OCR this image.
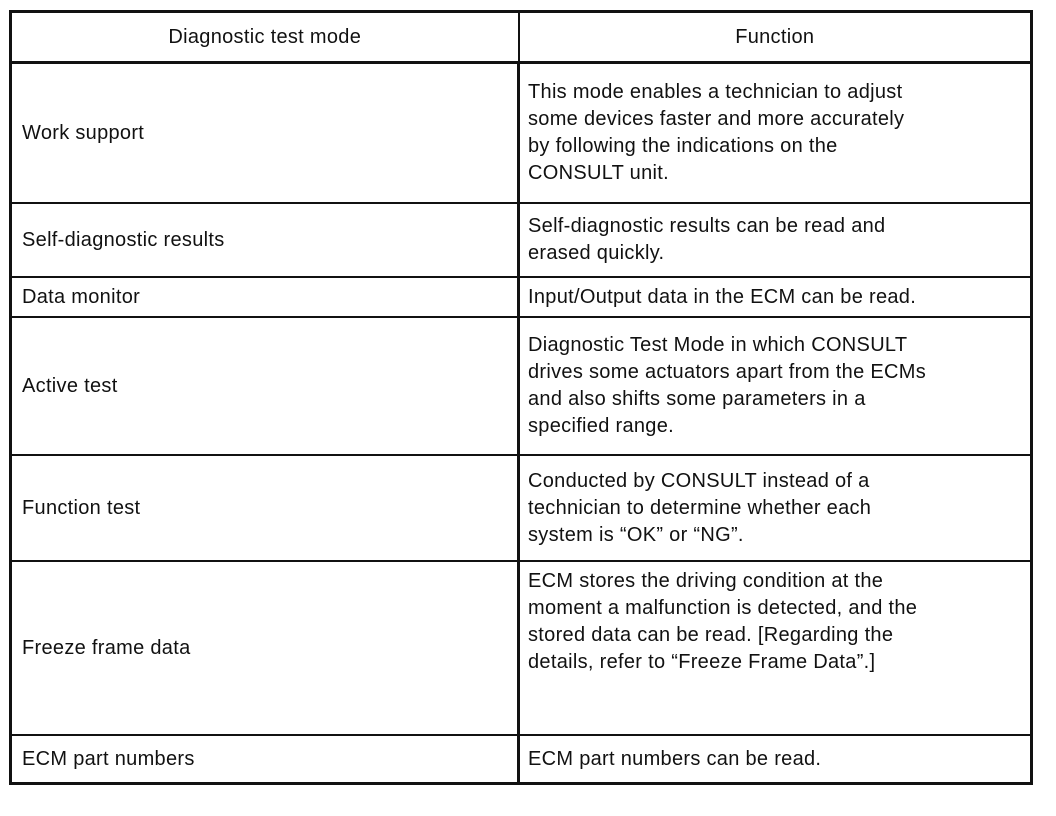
Diagnostic test mode	Function
Work support	This mode enables a technician to adjust
some devices faster and more accurately
by following the indications on the
CONSULT unit.

Self-diagnostic results	Self-diagnostic results can be read and
erased quickly.

Data monitor	Input/Output data in the ECM can be read.

Active test	Diagnostic Test Mode in which CONSULT
drives some actuators apart from the ECMs
and also shifts some parameters in a
specified range.

Function test	Conducted by CONSULT instead of a
technician to determine whether each
system is “OK” or “NG”.

Freeze frame data	ECM stores the driving condition at the
moment a malfunction is detected, and the
stored data can be read. [Regarding the
details, refer to “Freeze Frame Data”.]

ECM part numbers	ECM part numbers can be read.
